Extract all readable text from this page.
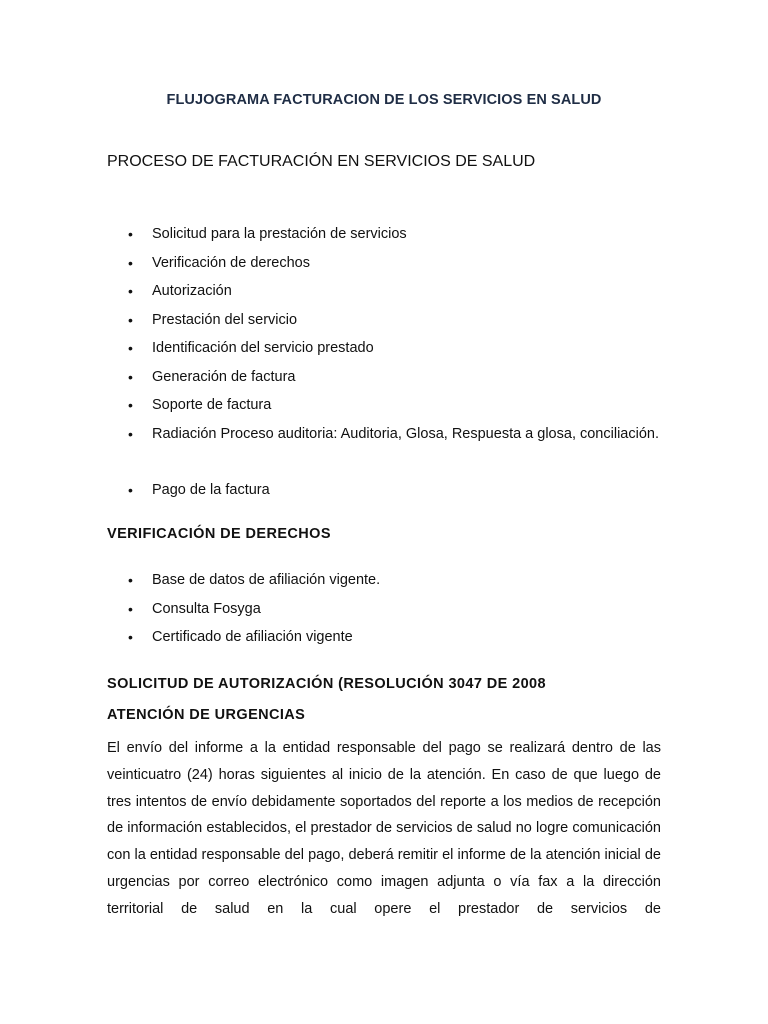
FLUJOGRAMA FACTURACION DE LOS SERVICIOS EN SALUD
PROCESO DE FACTURACIÓN EN SERVICIOS DE SALUD
• Solicitud para la prestación de servicios
• Verificación de derechos
• Autorización
• Prestación del servicio
• Identificación del servicio prestado
• Generación de factura
• Soporte de factura
• Radiación Proceso auditoria: Auditoria, Glosa, Respuesta a glosa, conciliación.
• Pago de la factura
VERIFICACIÓN DE DERECHOS
• Base de datos de afiliación vigente.
• Consulta Fosyga
• Certificado de afiliación vigente
SOLICITUD DE AUTORIZACIÓN (RESOLUCIÓN 3047 DE 2008
ATENCIÓN DE URGENCIAS
El envío del informe a la entidad responsable del pago se realizará dentro de las veinticuatro (24) horas siguientes al inicio de la atención. En caso de que luego de tres intentos de envío debidamente soportados del reporte a los medios de recepción de información establecidos, el prestador de servicios de salud no logre comunicación con la entidad responsable del pago, deberá remitir el informe de la atención inicial de urgencias por correo electrónico como imagen adjunta o vía fax a la dirección territorial de salud en la cual opere el prestador de servicios de
